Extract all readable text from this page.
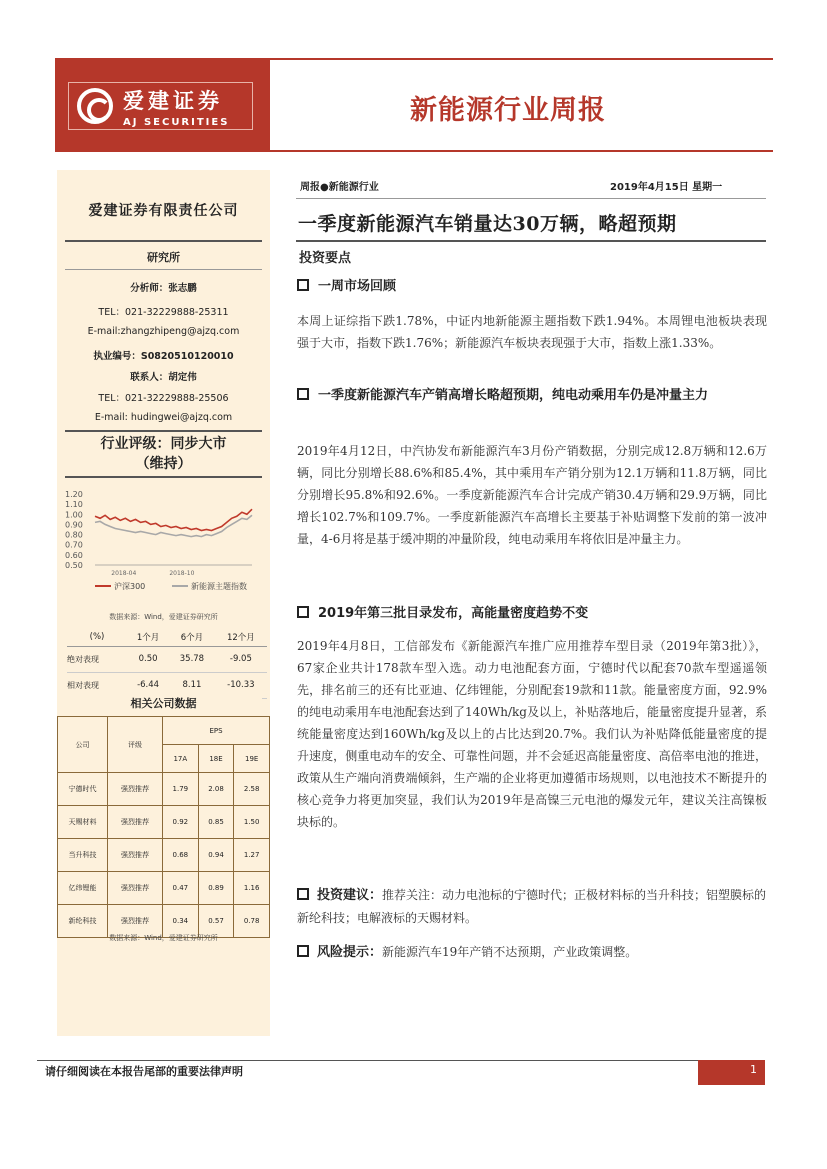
爱建证券
AJ SECURITIES	新能源行业周报
爱建证券有限责任公司
研究所
分析师：张志鹏
TEL：021-32229888-25311
E-mail:zhangzhipeng@ajzq.com
执业编号：S0820510120010
联系人：胡定伟
TEL：021-32229888-25506
E-mail: hudingwei@ajzq.com
行业评级：同步大市
（维持）
1.20
1.10
1.00
0.90
0.80
0.70
0.60
0.50
2018-04	2018-10
沪深300	新能源主题指数
数据来源：Wind，爱建证券研究所
(%)	1个月	6个月	12个月
绝对表现	0.50	35.78	-9.05
相对表现	-6.44	8.11	-10.33
相关公司数据
公司	评级	EPS		
		17A	18E	19E
宁德时代	强烈推荐	1.79	2.08	2.58
天赐材料	强烈推荐	0.92	0.85	1.50
当升科技	强烈推荐	0.68	0.94	1.27
亿纬锂能	强烈推荐	0.47	0.89	1.16
新纶科技	强烈推荐	0.34	0.57	0.78
数据来源：Wind，爱建证券研究所
周报●新能源行业	2019年4月15日 星期一
一季度新能源汽车销量达30万辆，略超预期
投资要点
一周市场回顾
本周上证综指下跌1.78%，中证内地新能源主题指数下跌1.94%。本周锂电池板块表现强于大市，指数下跌1.76%；新能源汽车板块表现强于大市，指数上涨1.33%。
一季度新能源汽车产销高增长略超预期，纯电动乘用车仍是冲量主力
2019年4月12日，中汽协发布新能源汽车3月份产销数据，分别完成12.8万辆和12.6万辆，同比分别增长88.6%和85.4%，其中乘用车产销分别为12.1万辆和11.8万辆，同比分别增长95.8%和92.6%。一季度新能源汽车合计完成产销30.4万辆和29.9万辆，同比增长102.7%和109.7%。一季度新能源汽车高增长主要基于补贴调整下发前的第一波冲量，4-6月将是基于缓冲期的冲量阶段，纯电动乘用车将依旧是冲量主力。
2019年第三批目录发布，高能量密度趋势不变
2019年4月8日，工信部发布《新能源汽车推广应用推荐车型目录（2019年第3批）》，67家企业共计178款车型入选。动力电池配套方面，宁德时代以配套70款车型遥遥领先，排名前三的还有比亚迪、亿纬锂能，分别配套19款和11款。能量密度方面，92.9%的纯电动乘用车电池配套达到了140Wh/kg及以上，补贴落地后，能量密度提升显著，系统能量密度达到160Wh/kg及以上的占比达到20.7%。我们认为补贴降低能量密度的提升速度，侧重电动车的安全、可靠性问题，并不会延迟高能量密度、高倍率电池的推进，政策从生产端向消费端倾斜，生产端的企业将更加遵循市场规则，以电池技术不断提升的核心竞争力将更加突显，我们认为2019年是高镍三元电池的爆发元年，建议关注高镍板块标的。
投资建议：推荐关注：动力电池标的宁德时代；正极材料标的当升科技；铝塑膜标的新纶科技；电解液标的天赐材料。
风险提示：新能源汽车19年产销不达预期，产业政策调整。
请仔细阅读在本报告尾部的重要法律声明	1
